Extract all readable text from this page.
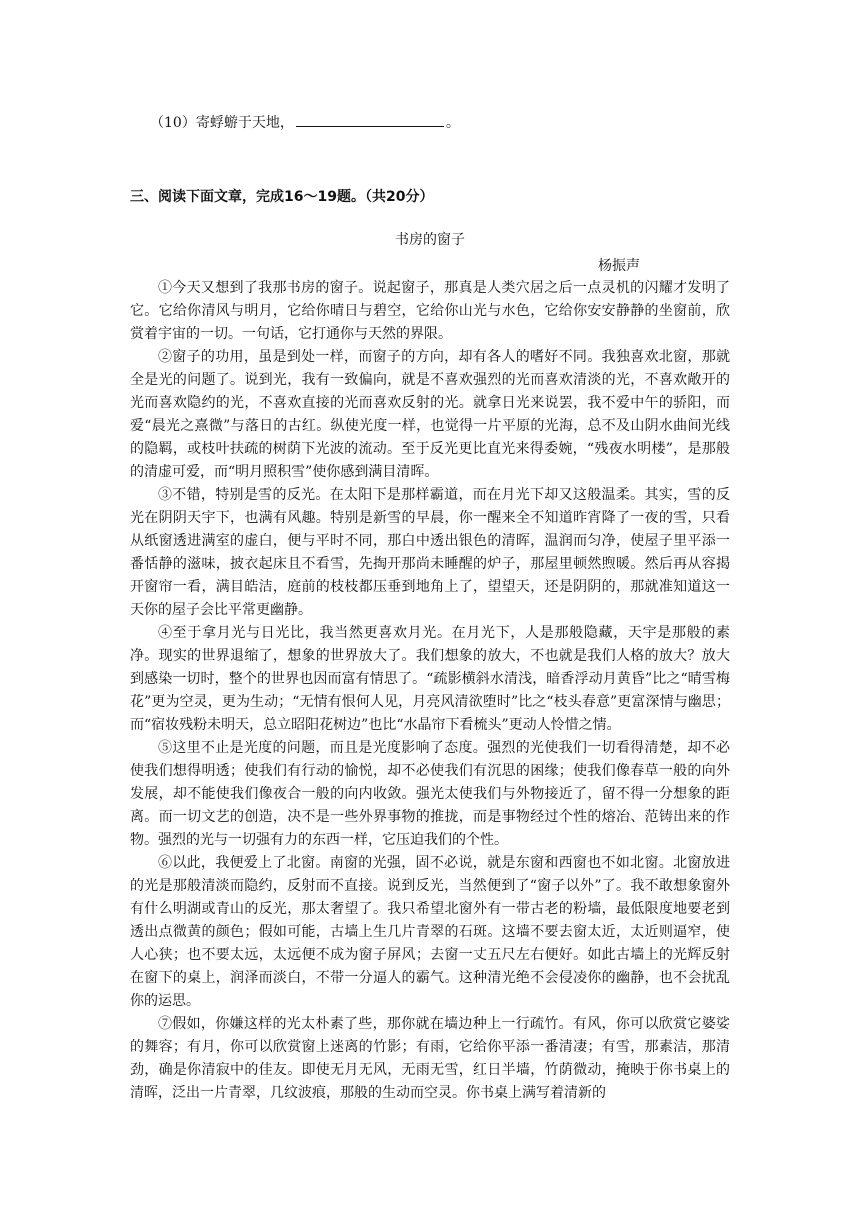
（10）寄蜉蝣于天地，	。
三、阅读下面文章，完成16～19题。（共20分）
书房的窗子
杨振声

①今天又想到了我那书房的窗子。说起窗子，那真是人类穴居之后一点灵机的闪耀才发明了它。它给你清风与明月，它给你晴日与碧空，它给你山光与水色，它给你安安静静的坐窗前，欣赏着宇宙的一切。一句话，它打通你与天然的界限。

②窗子的功用，虽是到处一样，而窗子的方向，却有各人的嗜好不同。我独喜欢北窗，那就全是光的问题了。说到光，我有一致偏向，就是不喜欢强烈的光而喜欢清淡的光，不喜欢敞开的光而喜欢隐约的光，不喜欢直接的光而喜欢反射的光。就拿日光来说罢，我不爱中午的骄阳，而爱“晨光之熹微”与落日的古红。纵使光度一样，也觉得一片平原的光海，总不及山阴水曲间光线的隐羁，或枝叶扶疏的树荫下光波的流动。至于反光更比直光来得委婉，“残夜水明楼”，是那般的清虚可爱，而“明月照积雪”使你感到满目清晖。

③不错，特别是雪的反光。在太阳下是那样霸道，而在月光下却又这般温柔。其实，雪的反光在阴阴天宇下，也满有风趣。特别是新雪的早晨，你一醒来全不知道昨宵降了一夜的雪，只看从纸窗透进满室的虚白，便与平时不同，那白中透出银色的清晖，温润而匀净，使屋子里平添一番恬静的滋味，披衣起床且不看雪，先掏开那尚未睡醒的炉子，那屋里顿然煦暖。然后再从容揭开窗帘一看，满目皓洁，庭前的枝枝都压垂到地角上了，望望天，还是阴阴的，那就准知道这一天你的屋子会比平常更幽静。

④至于拿月光与日光比，我当然更喜欢月光。在月光下，人是那般隐藏，天宇是那般的素净。现实的世界退缩了，想象的世界放大了。我们想象的放大，不也就是我们人格的放大？放大到感染一切时，整个的世界也因而富有情思了。“疏影横斜水清浅，暗香浮动月黄昏”比之“晴雪梅花”更为空灵，更为生动；“无情有恨何人见，月亮风清欲堕时”比之“枝头春意”更富深情与幽思；而“宿妆残粉未明天，总立昭阳花树边”也比“水晶帘下看梳头”更动人怜惜之情。

⑤这里不止是光度的问题，而且是光度影响了态度。强烈的光使我们一切看得清楚，却不必使我们想得明透；使我们有行动的愉悦，却不必使我们有沉思的困缘；使我们像春草一般的向外发展，却不能使我们像夜合一般的向内收敛。强光太使我们与外物接近了，留不得一分想象的距离。而一切文艺的创造，决不是一些外界事物的推拢，而是事物经过个性的熔冶、范铸出来的作物。强烈的光与一切强有力的东西一样，它压迫我们的个性。

⑥以此，我便爱上了北窗。南窗的光强，固不必说，就是东窗和西窗也不如北窗。北窗放进的光是那般清淡而隐约，反射而不直接。说到反光，当然便到了“窗子以外”了。我不敢想象窗外有什么明湖或青山的反光，那太奢望了。我只希望北窗外有一带古老的粉墙，最低限度地要老到透出点微黄的颜色；假如可能，古墙上生几片青翠的石斑。这墙不要去窗太近，太近则逼窄，使人心狭；也不要太远，太远便不成为窗子屏风；去窗一丈五尺左右便好。如此古墙上的光辉反射在窗下的桌上，润泽而淡白，不带一分逼人的霸气。这种清光绝不会侵凌你的幽静，也不会扰乱你的运思。

⑦假如，你嫌这样的光太朴素了些，那你就在墙边种上一行疏竹。有风，你可以欣赏它婆娑的舞容；有月，你可以欣赏窗上迷离的竹影；有雨，它给你平添一番清凄；有雪，那素洁，那清劲，确是你清寂中的佳友。即使无月无风，无雨无雪，红日半墙，竹荫微动，掩映于你书桌上的清晖，泛出一片青翠，几纹波痕，那般的生动而空灵。你书桌上满写着清新的
